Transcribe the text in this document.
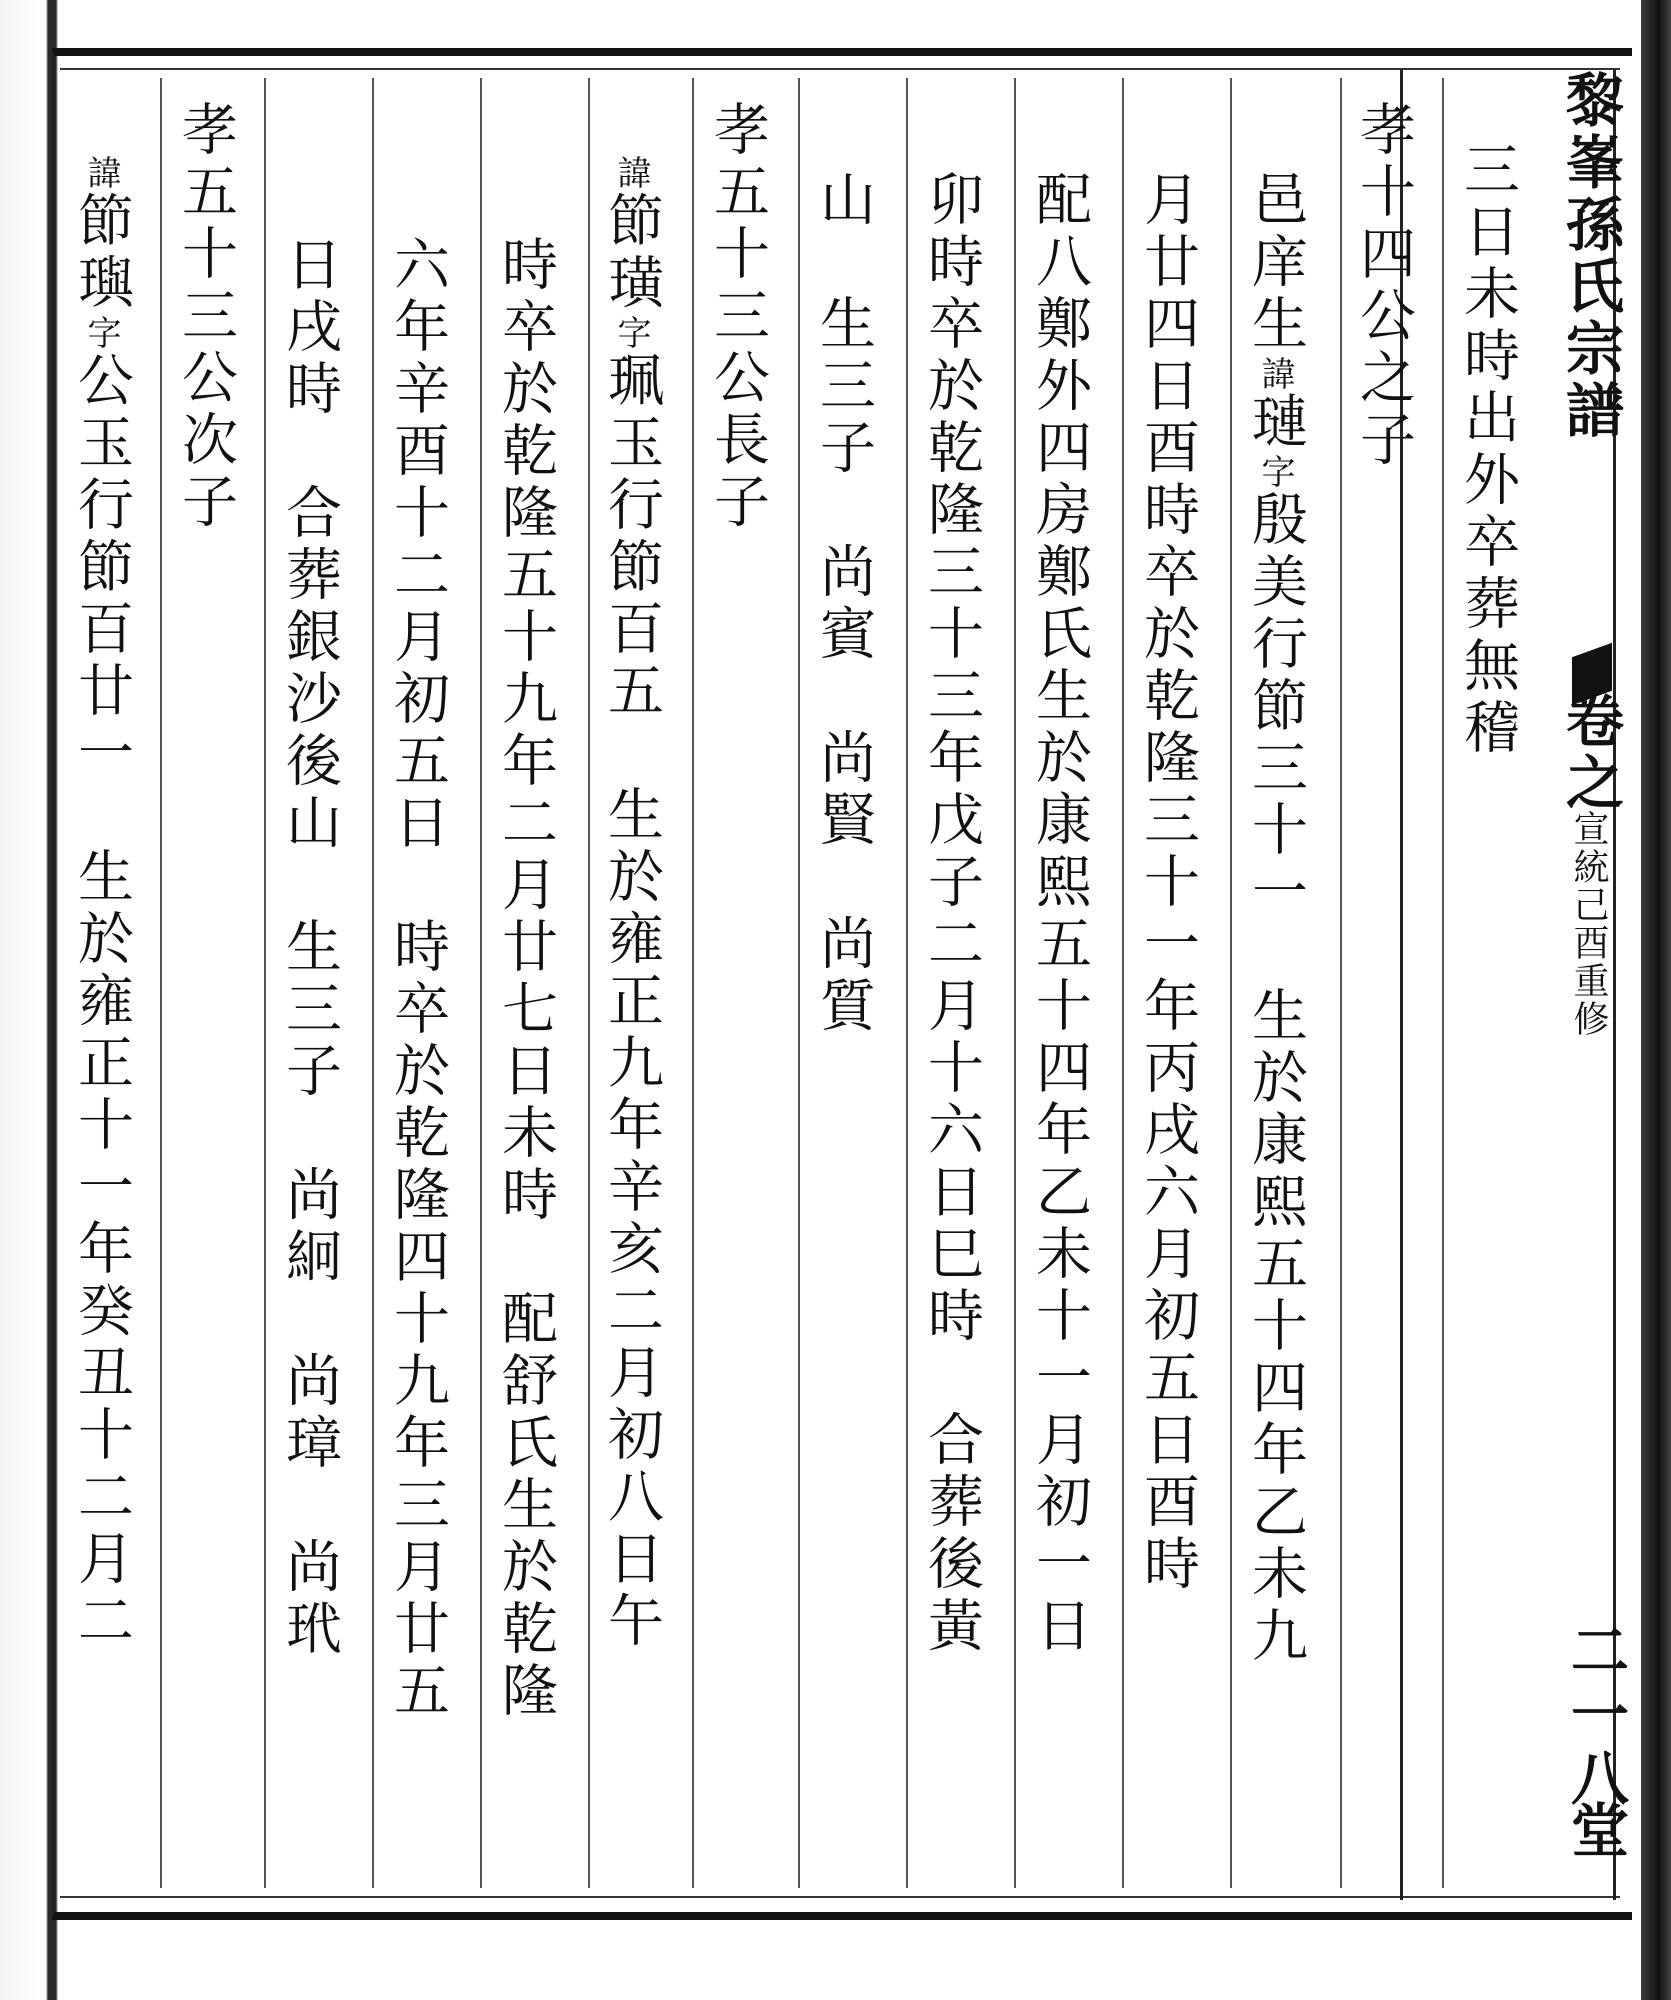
黎峯孫氏宗譜
卷之
宣統己酉重修
二一八
堂
三日未時出外卒葬無稽
孝十四公之子
邑庠生諱璉字殷美行節三十一　生於康熙五十四年乙未九
月廿四日酉時卒於乾隆三十一年丙戌六月初五日酉時
配八鄭外四房鄭氏生於康熙五十四年乙未十一月初一日
卯時卒於乾隆三十三年戊子二月十六日巳時　合葬後黃
山　生三子　尚賓　尚賢　尚質
孝五十三公長子
諱節璜字珮玉行節百五　生於雍正九年辛亥二月初八日午
時卒於乾隆五十九年二月廿七日未時　配舒氏生於乾隆
六年辛酉十二月初五日　時卒於乾隆四十九年三月廿五
日戌時　合葬銀沙後山　生三子　尚絅　尚璋　尚玳
孝五十三公次子
諱節璵字公玉行節百廿一　生於雍正十一年癸丑十二月二
